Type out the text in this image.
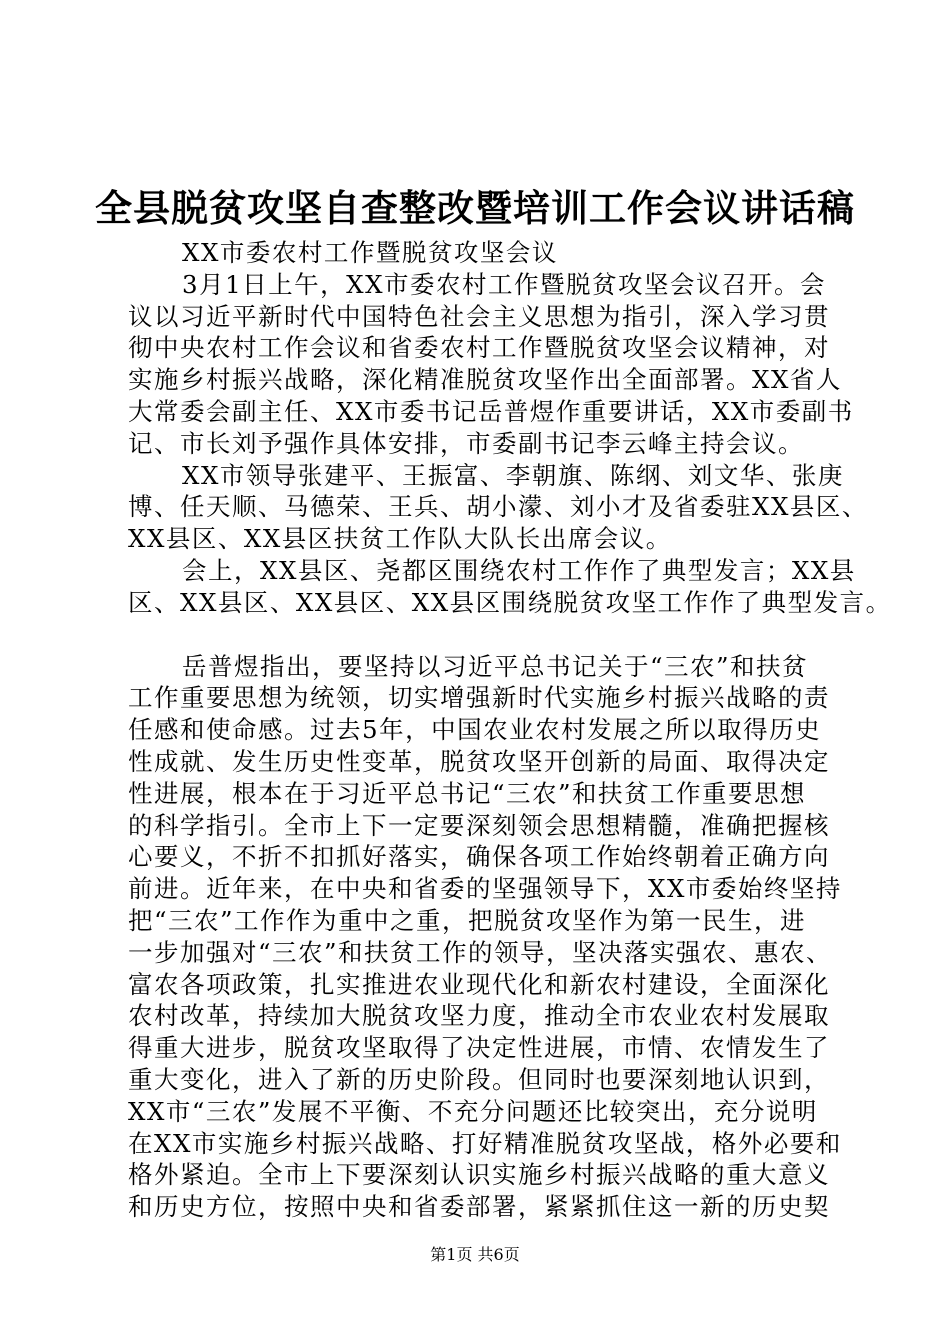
全县脱贫攻坚自查整改暨培训工作会议讲话稿
XX市委农村工作暨脱贫攻坚会议
3月1日上午，XX市委农村工作暨脱贫攻坚会议召开。会
议以习近平新时代中国特色社会主义思想为指引，深入学习贯
彻中央农村工作会议和省委农村工作暨脱贫攻坚会议精神，对
实施乡村振兴战略，深化精准脱贫攻坚作出全面部署。XX省人
大常委会副主任、XX市委书记岳普煜作重要讲话，XX市委副书
记、市长刘予强作具体安排，市委副书记李云峰主持会议。
XX市领导张建平、王振富、李朝旗、陈纲、刘文华、张庚
博、任天顺、马德荣、王兵、胡小濛、刘小才及省委驻XX县区、
XX县区、XX县区扶贫工作队大队长出席会议。
会上，XX县区、尧都区围绕农村工作作了典型发言；XX县
区、XX县区、XX县区、XX县区围绕脱贫攻坚工作作了典型发言。
岳普煜指出，要坚持以习近平总书记关于“三农”和扶贫
工作重要思想为统领，切实增强新时代实施乡村振兴战略的责
任感和使命感。过去5年，中国农业农村发展之所以取得历史
性成就、发生历史性变革，脱贫攻坚开创新的局面、取得决定
性进展，根本在于习近平总书记“三农”和扶贫工作重要思想
的科学指引。全市上下一定要深刻领会思想精髓，准确把握核
心要义，不折不扣抓好落实，确保各项工作始终朝着正确方向
前进。近年来，在中央和省委的坚强领导下，XX市委始终坚持
把“三农”工作作为重中之重，把脱贫攻坚作为第一民生，进
一步加强对“三农”和扶贫工作的领导，坚决落实强农、惠农、
富农各项政策，扎实推进农业现代化和新农村建设，全面深化
农村改革，持续加大脱贫攻坚力度，推动全市农业农村发展取
得重大进步，脱贫攻坚取得了决定性进展，市情、农情发生了
重大变化，进入了新的历史阶段。但同时也要深刻地认识到，
XX市“三农”发展不平衡、不充分问题还比较突出，充分说明
在XX市实施乡村振兴战略、打好精准脱贫攻坚战，格外必要和
格外紧迫。全市上下要深刻认识实施乡村振兴战略的重大意义
和历史方位，按照中央和省委部署，紧紧抓住这一新的历史契
第1页 共6页
